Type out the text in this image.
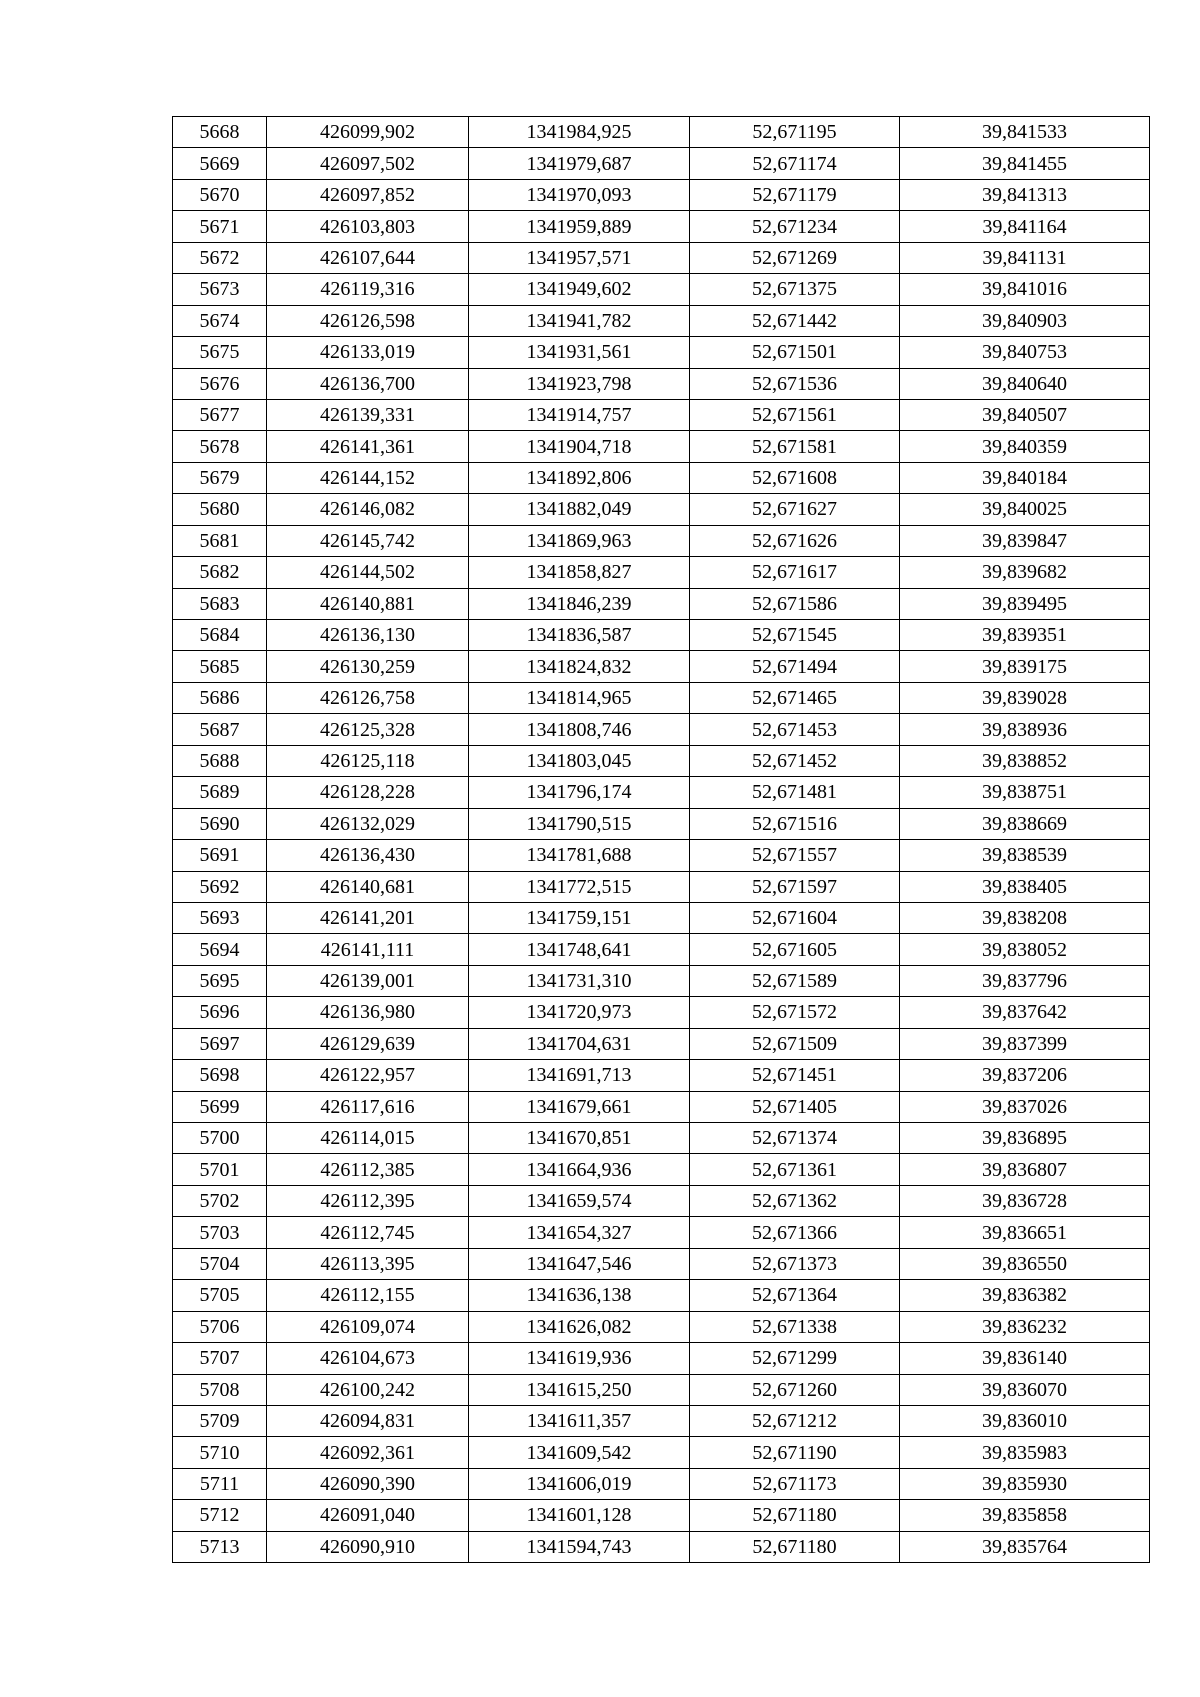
5668	426099,902	1341984,925	52,671195	39,841533
5669	426097,502	1341979,687	52,671174	39,841455
5670	426097,852	1341970,093	52,671179	39,841313
5671	426103,803	1341959,889	52,671234	39,841164
5672	426107,644	1341957,571	52,671269	39,841131
5673	426119,316	1341949,602	52,671375	39,841016
5674	426126,598	1341941,782	52,671442	39,840903
5675	426133,019	1341931,561	52,671501	39,840753
5676	426136,700	1341923,798	52,671536	39,840640
5677	426139,331	1341914,757	52,671561	39,840507
5678	426141,361	1341904,718	52,671581	39,840359
5679	426144,152	1341892,806	52,671608	39,840184
5680	426146,082	1341882,049	52,671627	39,840025
5681	426145,742	1341869,963	52,671626	39,839847
5682	426144,502	1341858,827	52,671617	39,839682
5683	426140,881	1341846,239	52,671586	39,839495
5684	426136,130	1341836,587	52,671545	39,839351
5685	426130,259	1341824,832	52,671494	39,839175
5686	426126,758	1341814,965	52,671465	39,839028
5687	426125,328	1341808,746	52,671453	39,838936
5688	426125,118	1341803,045	52,671452	39,838852
5689	426128,228	1341796,174	52,671481	39,838751
5690	426132,029	1341790,515	52,671516	39,838669
5691	426136,430	1341781,688	52,671557	39,838539
5692	426140,681	1341772,515	52,671597	39,838405
5693	426141,201	1341759,151	52,671604	39,838208
5694	426141,111	1341748,641	52,671605	39,838052
5695	426139,001	1341731,310	52,671589	39,837796
5696	426136,980	1341720,973	52,671572	39,837642
5697	426129,639	1341704,631	52,671509	39,837399
5698	426122,957	1341691,713	52,671451	39,837206
5699	426117,616	1341679,661	52,671405	39,837026
5700	426114,015	1341670,851	52,671374	39,836895
5701	426112,385	1341664,936	52,671361	39,836807
5702	426112,395	1341659,574	52,671362	39,836728
5703	426112,745	1341654,327	52,671366	39,836651
5704	426113,395	1341647,546	52,671373	39,836550
5705	426112,155	1341636,138	52,671364	39,836382
5706	426109,074	1341626,082	52,671338	39,836232
5707	426104,673	1341619,936	52,671299	39,836140
5708	426100,242	1341615,250	52,671260	39,836070
5709	426094,831	1341611,357	52,671212	39,836010
5710	426092,361	1341609,542	52,671190	39,835983
5711	426090,390	1341606,019	52,671173	39,835930
5712	426091,040	1341601,128	52,671180	39,835858
5713	426090,910	1341594,743	52,671180	39,835764
